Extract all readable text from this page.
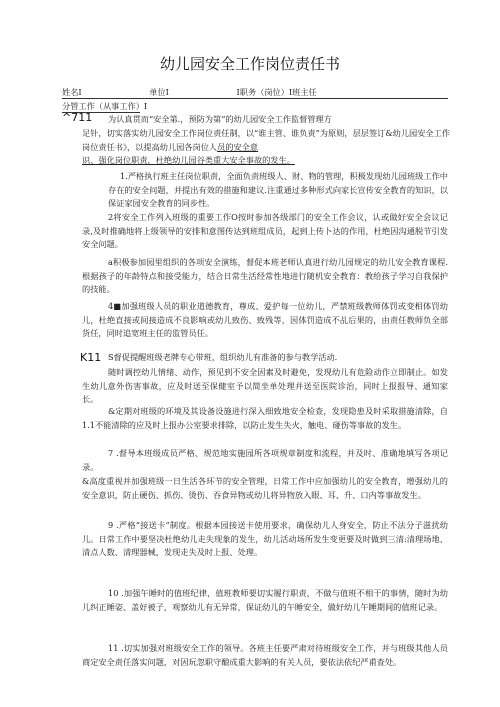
幼儿园安全工作岗位责任书
姓名I                          单位I                          I职务（岗位）I班主任
分管工作（从事工作）I
^711
K11

为认真贯而“安全第.，预防为第”的幼儿园安全工作监督管理方

足针，切实落实幼儿园安全工作岗位责任制，以“谁主管、谁负责”为原则，层层签订&幼儿园安全工作岗位责任书》，以提高幼儿园各岗位人员的安全意

识、强化岗位职责，杜绝幼儿园谷类重大安全事故的发生。

1.严格执行班主任岗位职责，全面负责班级人、财、物的管理，积极发现幼儿园班级工作中存在的安全问题，并提出有效的措施和建议.注重通过多种形式向家长宣传安全教育的知识，以保证家园安全教育的同步性。

2将安全工作列入班级的重要工作O按时参加各级部门的安全工作会议，认或做好安全会议记录,及时推确地将上级领导的安排和意图传达到班组成员，起到上传卜达的作用，杜绝因沟通脱节引发安全问题。

a积极参加园里组织的各项安全演练，督促本班老师认真进行幼儿园规定的幼儿安全教育课程.根据孩子的年龄特点和接受能力，结合日常生活经常性地进行随机安全教育：教给孩子学习自我保护的技能。

4■加强班级人员的职业道德教育，尊成、爱护每一位幼儿，严禁班级教师体罚或变相体罚幼儿，杜绝直接或间接造成不良影响或幼儿致伤、致残等，因体罚造成不乩后果的，由责任教师负全部货任，同时追宽班主任的监管员任。

S督促提醒班级老牌专心带班，组织幼儿有准备的参与教学活动.

随时调控幼儿情绪、动作，预见到不安全因素及时避免，发现幼儿有危险动作立即制止。如发生幼儿意外伤害事故，应及时送至保健室予以简坐单处理并送至医院诊治，同时上报报导、通知家长。

&定期对班级的环境及其设备设施进行深入细致地安全检查，发现隐患及时采取措施清除，自1.1不能清除的应及时上报办公室要求排除，以防止发生失火，触电、碰伤等事故的发生。

7 .督导本班级成员严格、规范地实施园所各项规章制度和流程，并及时、准确地填写各项记录。

&高度重视并加强班级一日生活各环节的安全管理，日常工作中应加强幼儿的安全教育，增强幼儿的安全意识，防止硬伤、抓伤、烫伤、吞食异物或幼儿将异物放入眼、耳、升、口内等事故发生。

9 .严格“接送卡”制度。根据本园接送卡使用要求，确保幼儿人身安全，防止不法分子滋扰幼儿。日常工作中要坚决杜绝幼儿走失现象的发生，幼儿活动场所发生变更要及时做到三清:清理场地、清点人数、清理器械，发现走失及时上报、处理。

10 .加强午睡时的值班纪律，值班教师要切实履行职责，不做与值班不相干的事情，随时为幼儿纠正睡姿、盖好被子，观察幼儿有无异常，保证幼儿的午睡安全，做好幼儿午睡期间的值班记录。

11 .切实加强对班级安全工作的领导。各班主任要严肃对待班级安全工作，并与班级其他人员商定安全责任落实问题，对因玩忽职守酿成重大影响的有关人员，要依法依纪严甫查处。
